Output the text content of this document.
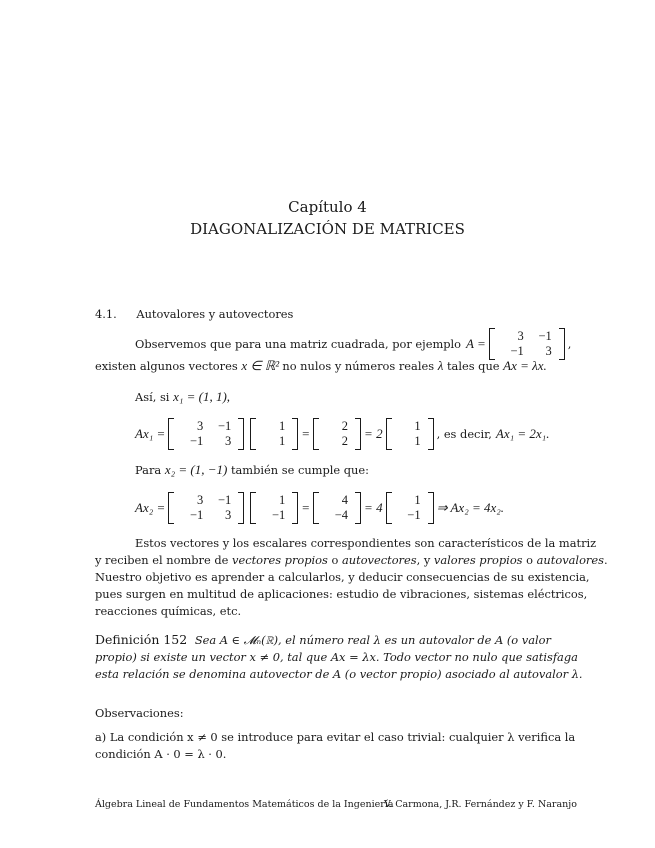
Capítulo 4
DIAGONALIZACIÓN DE MATRICES
4.1. Autovalores y autovectores
Observemos que para una matriz cuadrada, por ejemplo A =	3	−1
−1	3 ,
existen algunos vectores x ∈ ℝ² no nulos y números reales λ tales que Ax = λx.
Así, si x₁ = (1, 1),
Ax₁ =	3	−1
−1	3
1
1 =	2
2 = 2	1
1 , es decir, Ax₁ = 2x₁.
Para x₂ = (1, −1) también se cumple que:
Ax₂ =	3	−1
−1	3
1
−1 =	4
−4 = 4	1
−1 ⇒ Ax₂ = 4x₂.
Estos vectores y los escalares correspondientes son característicos de la matriz
y reciben el nombre de vectores propios o autovectores, y valores propios o autovalores.
Nuestro objetivo es aprender a calcularlos, y deducir consecuencias de su existencia,
pues surgen en multitud de aplicaciones: estudio de vibraciones, sistemas eléctricos,
reacciones químicas, etc.
Definición 152 Sea A ∈ 𝓜ₙ(ℝ), el número real λ es un autovalor de A (o valor
propio) si existe un vector x ≠ 0, tal que Ax = λx. Todo vector no nulo que satisfaga
esta relación se denomina autovector de A (o vector propio) asociado al autovalor λ.
Observaciones:
a) La condición x ≠ 0 se introduce para evitar el caso trivial: cualquier λ verifica la
condición A · 0 = λ · 0.
Álgebra Lineal de Fundamentos Matemáticos de la Ingeniería
V. Carmona, J.R. Fernández y F. Naranjo
